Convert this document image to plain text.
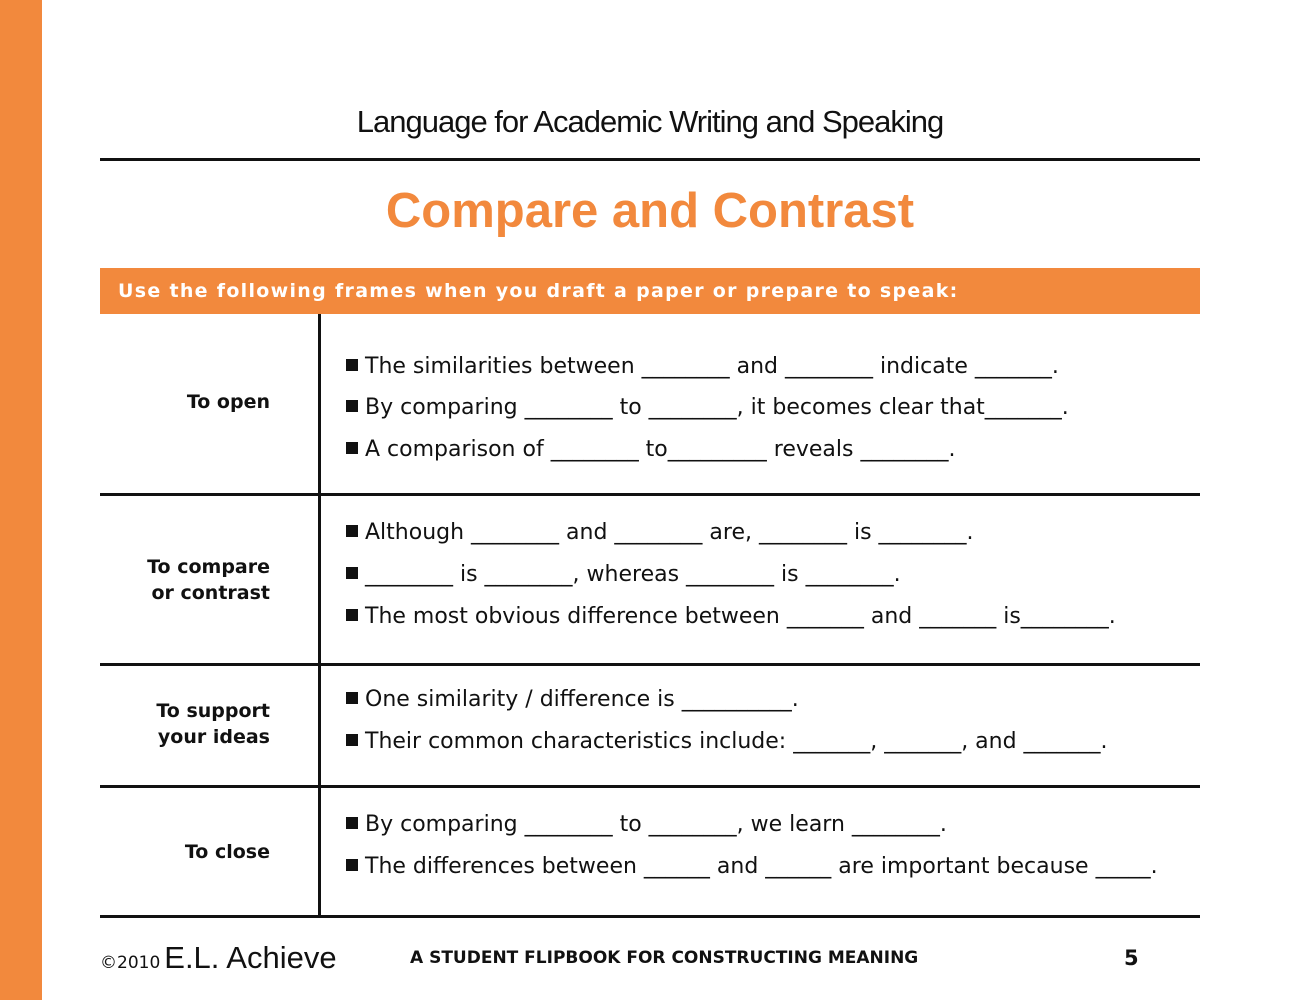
Language for Academic Writing and Speaking
Compare and Contrast
Use the following frames when you draft a paper or prepare to speak:
To open
The similarities between ________ and ________ indicate _______.
By comparing ________ to ________, it becomes clear that_______.
A comparison of ________ to_________ reveals ________.
To compare
or contrast
Although ________ and ________ are, ________ is ________.
________ is ________, whereas ________ is ________.
The most obvious difference between _______ and _______ is________.
To support
your ideas
One similarity / difference is __________.
Their common characteristics include: _______, _______, and _______.
To close
By comparing ________ to ________, we learn ________.
The differences between ______ and ______ are important because _____.
©2010 E.L. Achieve	A STUDENT FLIPBOOK FOR CONSTRUCTING MEANING	5
